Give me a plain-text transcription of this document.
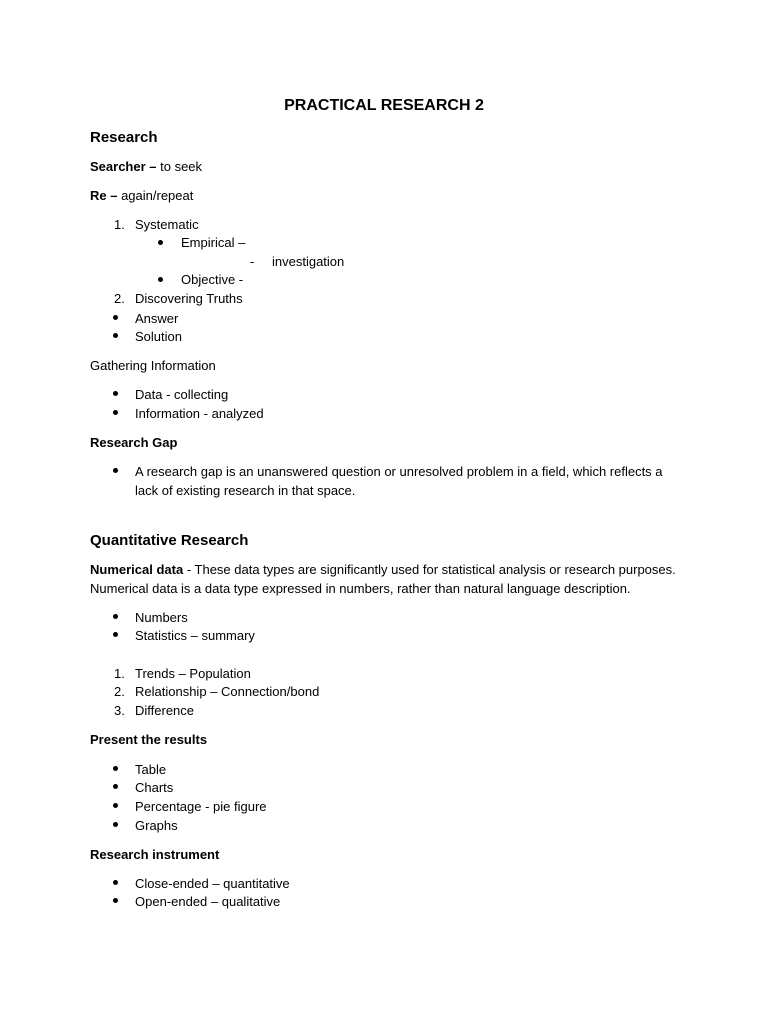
PRACTICAL RESEARCH 2
Research
Searcher – to seek
Re – again/repeat
1. Systematic
Empirical –
- investigation
Objective -
2. Discovering Truths
Answer
Solution
Gathering Information
Data - collecting
Information - analyzed
Research Gap
A research gap is an unanswered question or unresolved problem in a field, which reflects a lack of existing research in that space.
Quantitative Research
Numerical data - These data types are significantly used for statistical analysis or research purposes. Numerical data is a data type expressed in numbers, rather than natural language description.
Numbers
Statistics – summary
1. Trends – Population
2. Relationship – Connection/bond
3. Difference
Present the results
Table
Charts
Percentage - pie figure
Graphs
Research instrument
Close-ended – quantitative
Open-ended – qualitative
